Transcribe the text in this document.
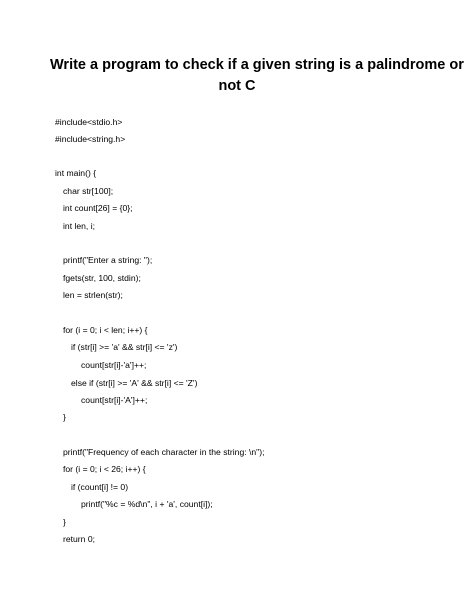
Write a program to check if a given string is a palindrome or
not C
#include<stdio.h>
#include<string.h>
int main() {
char str[100];
int count[26] = {0};
int len, i;
printf("Enter a string: ");
fgets(str, 100, stdin);
len = strlen(str);
for (i = 0; i < len; i++) {
if (str[i] >= 'a' && str[i] <= 'z')
count[str[i]-'a']++;
else if (str[i] >= 'A' && str[i] <= 'Z')
count[str[i]-'A']++;
}
printf("Frequency of each character in the string: \n");
for (i = 0; i < 26; i++) {
if (count[i] != 0)
printf("%c = %d\n", i + 'a', count[i]);
}
return 0;
